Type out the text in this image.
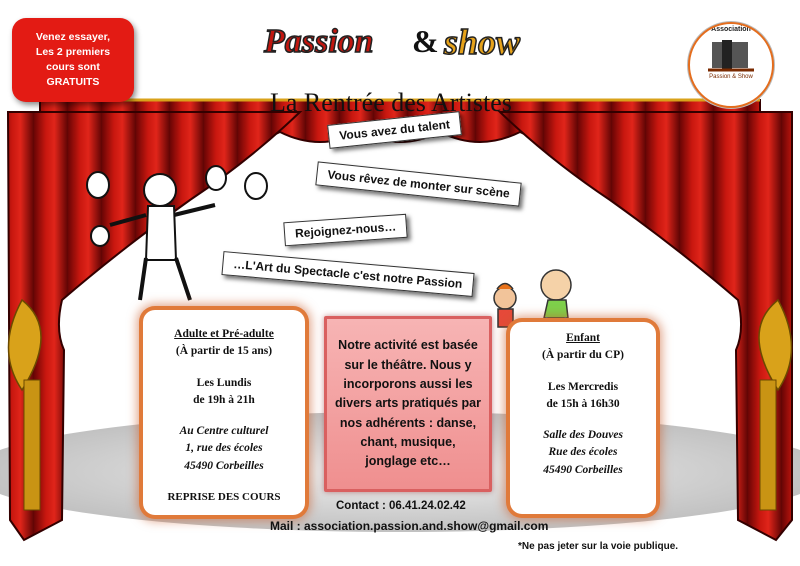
Venez essayer,
Les 2 premiers
cours sont
GRATUITS
Passion & show	Association
Passion & Show
La Rentrée des Artistes
Vous avez du talent
Vous rêvez de monter sur scène
Rejoignez-nous…
…L'Art du Spectacle c'est notre Passion
Adulte et Pré-adulte
(À partir de 15 ans)
Les Lundis
de 19h à 21h
Au Centre culturel
1, rue des écoles
45490 Corbeilles
REPRISE DES COURS
Notre activité est basée sur le théâtre. Nous y incorporons aussi les divers arts pratiqués par nos adhérents : danse, chant, musique, jonglage etc…
Enfant
(À partir du CP)
Les Mercredis
de 15h à 16h30
Salle des Douves
Rue des écoles
45490 Corbeilles
Contact : 06.41.24.02.42
Mail : association.passion.and.show@gmail.com
*Ne pas jeter sur la voie publique.
